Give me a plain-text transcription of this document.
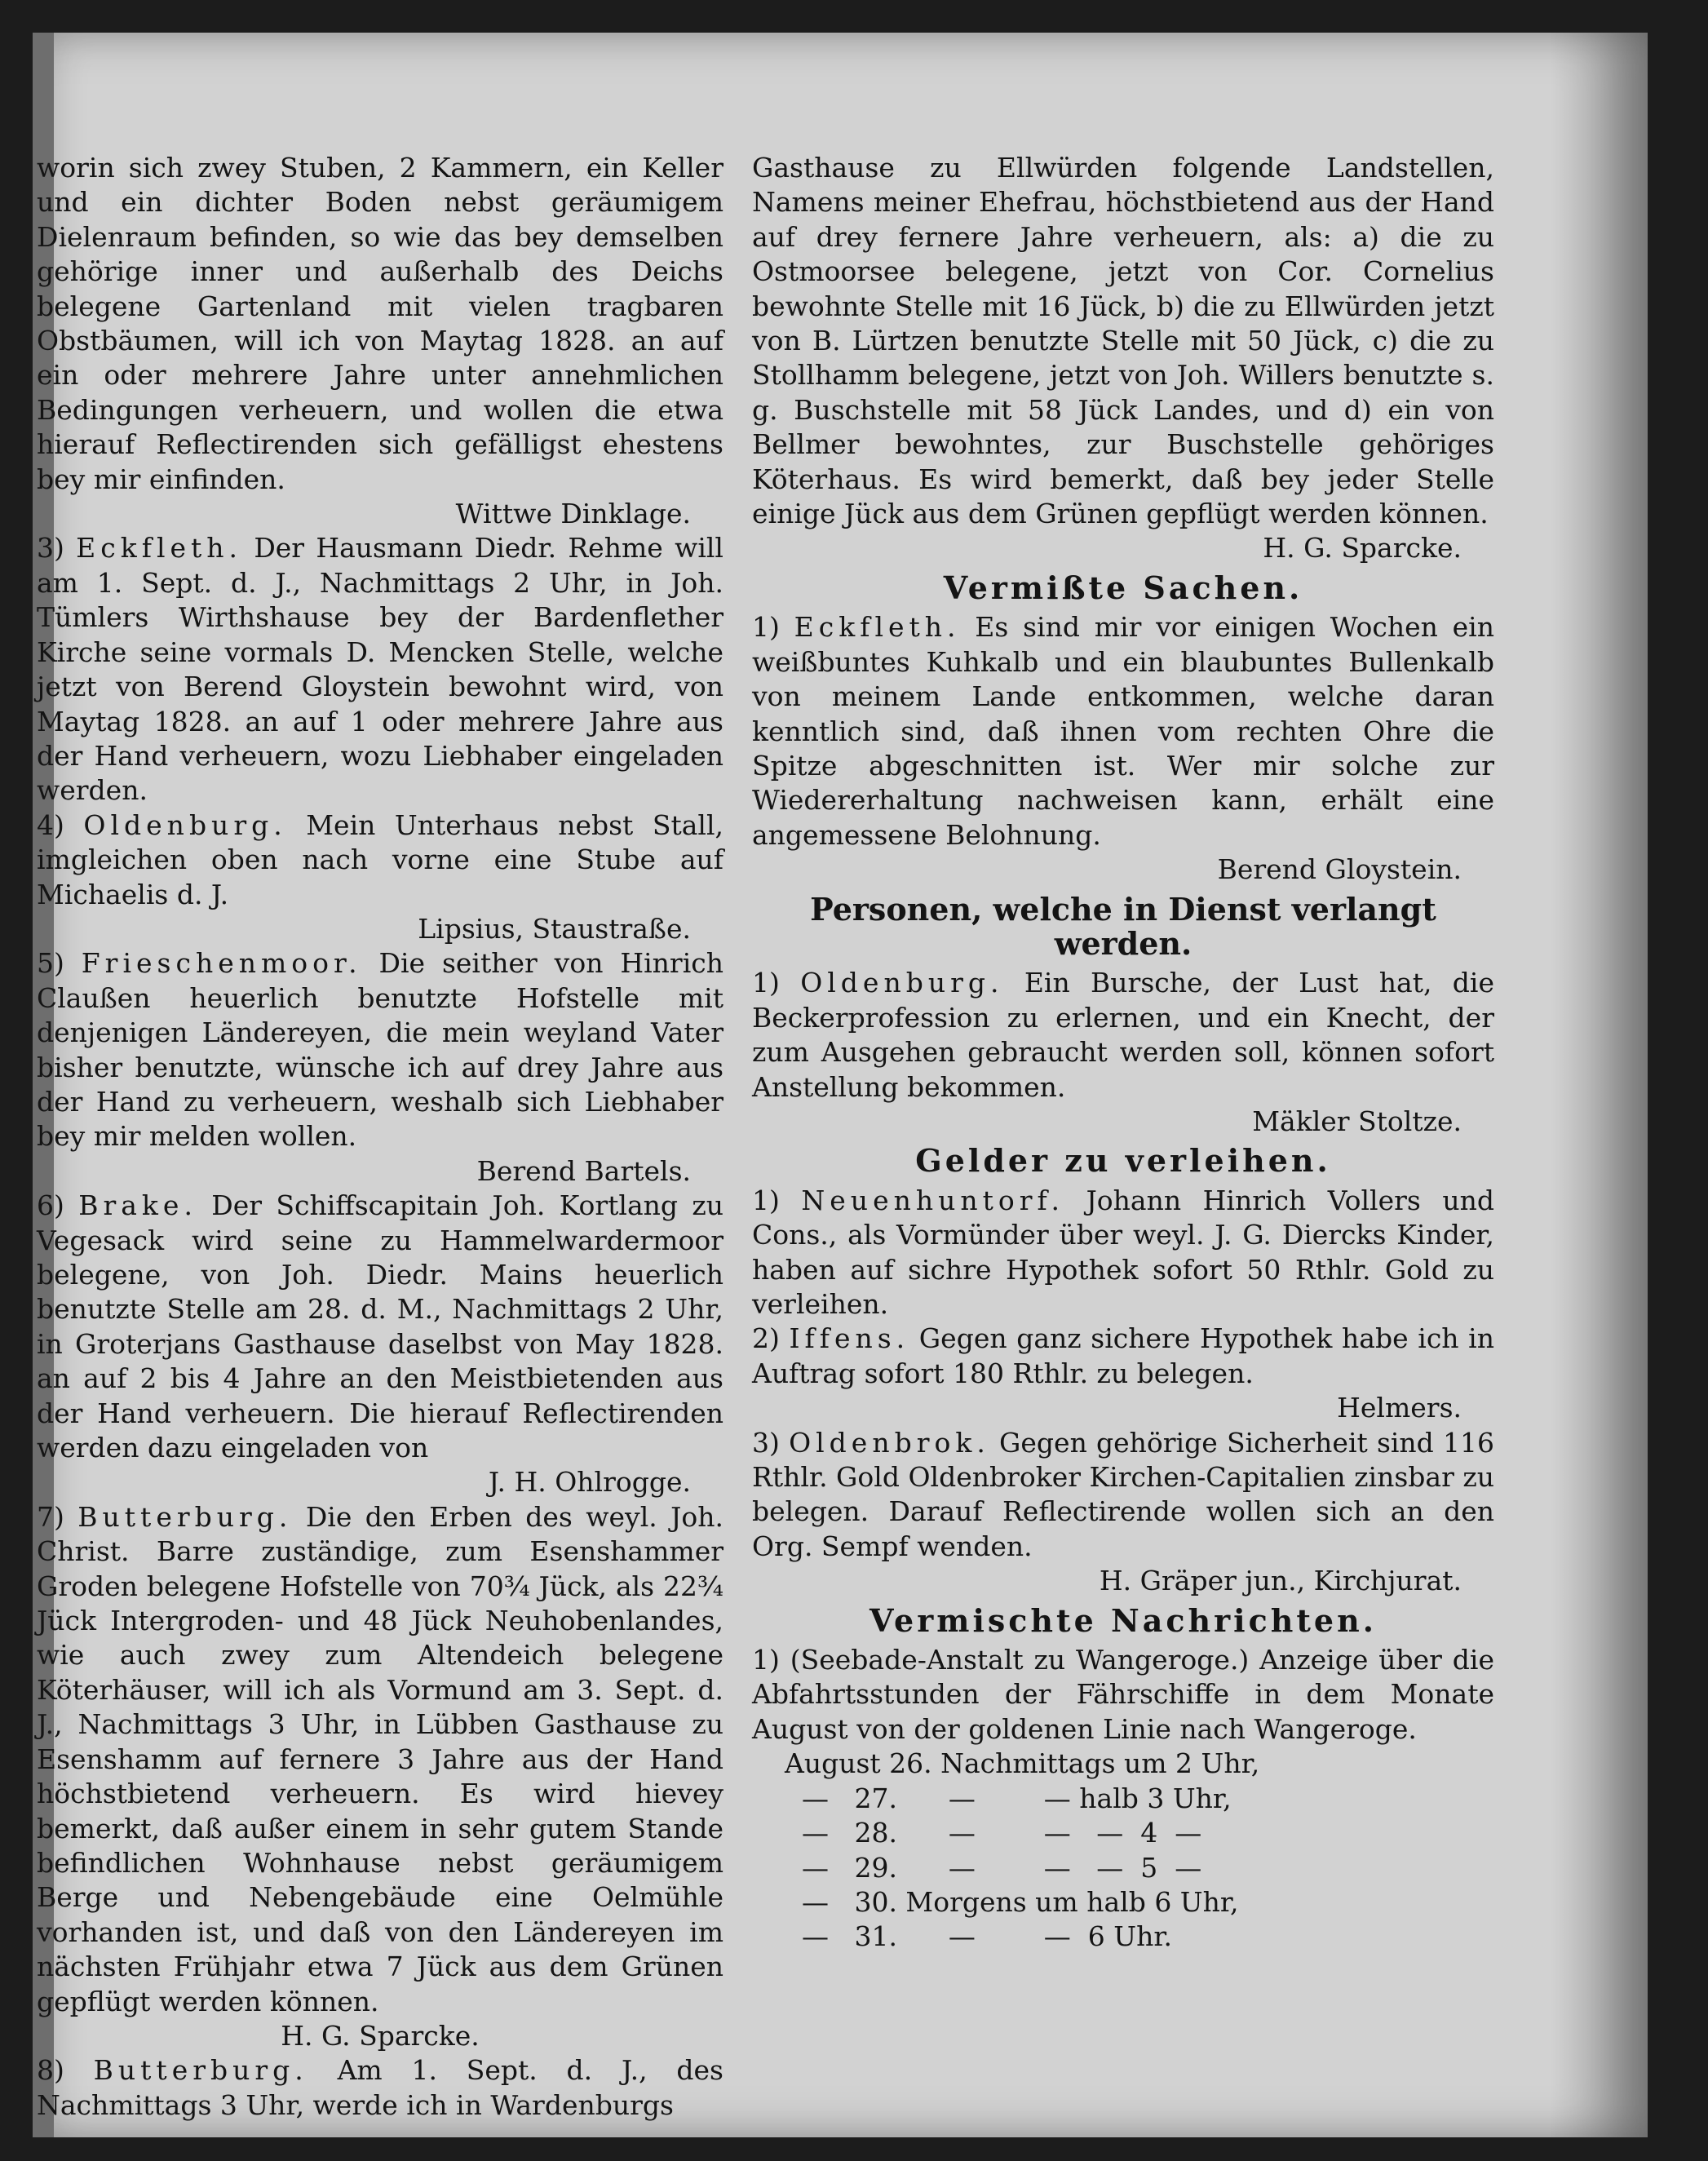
worin sich zwey Stuben, 2 Kammern, ein Keller und ein dichter Boden nebst geräumigem Dielenraum befinden, so wie das bey demselben gehörige inner und außerhalb des Deichs belegene Gartenland mit vielen tragbaren Obstbäumen, will ich von Maytag 1828. an auf ein oder mehrere Jahre unter annehmlichen Bedingungen verheuern, und wollen die etwa hierauf Reflectirenden sich gefälligst ehestens bey mir einfinden.

Wittwe Dinklage.

3) Eckfleth. Der Hausmann Diedr. Rehme will am 1. Sept. d. J., Nachmittags 2 Uhr, in Joh. Tümlers Wirthshause bey der Bardenflether Kirche seine vormals D. Mencken Stelle, welche jetzt von Berend Gloystein bewohnt wird, von Maytag 1828. an auf 1 oder mehrere Jahre aus der Hand verheuern, wozu Liebhaber eingeladen werden.

4) Oldenburg. Mein Unterhaus nebst Stall, imgleichen oben nach vorne eine Stube auf Michaelis d. J.

Lipsius, Staustraße.

5) Frieschenmoor. Die seither von Hinrich Claußen heuerlich benutzte Hofstelle mit denjenigen Ländereyen, die mein weyland Vater bisher benutzte, wünsche ich auf drey Jahre aus der Hand zu verheuern, weshalb sich Liebhaber bey mir melden wollen.

Berend Bartels.

6) Brake. Der Schiffscapitain Joh. Kortlang zu Vegesack wird seine zu Hammelwardermoor belegene, von Joh. Diedr. Mains heuerlich benutzte Stelle am 28. d. M., Nachmittags 2 Uhr, in Groterjans Gasthause daselbst von May 1828. an auf 2 bis 4 Jahre an den Meistbietenden aus der Hand verheuern. Die hierauf Reflectirenden werden dazu eingeladen von

J. H. Ohlrogge.

7) Butterburg. Die den Erben des weyl. Joh. Christ. Barre zuständige, zum Esenshammer Groden belegene Hofstelle von 70¾ Jück, als 22¾ Jück Intergroden- und 48 Jück Neuhobenlandes, wie auch zwey zum Altendeich belegene Köterhäuser, will ich als Vormund am 3. Sept. d. J., Nachmittags 3 Uhr, in Lübben Gasthause zu Esenshamm auf fernere 3 Jahre aus der Hand höchstbietend verheuern. Es wird hievey bemerkt, daß außer einem in sehr gutem Stande befindlichen Wohnhause nebst geräumigem Berge und Nebengebäude eine Oelmühle vorhanden ist, und daß von den Ländereyen im nächsten Frühjahr etwa 7 Jück aus dem Grünen gepflügt werden können.

H. G. Sparcke.

8) Butterburg. Am 1. Sept. d. J., des Nachmittags 3 Uhr, werde ich in Wardenburgs

Gasthause zu Ellwürden folgende Landstellen, Namens meiner Ehefrau, höchstbietend aus der Hand auf drey fernere Jahre verheuern, als: a) die zu Ostmoorsee belegene, jetzt von Cor. Cornelius bewohnte Stelle mit 16 Jück, b) die zu Ellwürden jetzt von B. Lürtzen benutzte Stelle mit 50 Jück, c) die zu Stollhamm belegene, jetzt von Joh. Willers benutzte s. g. Buschstelle mit 58 Jück Landes, und d) ein von Bellmer bewohntes, zur Buschstelle gehöriges Köterhaus. Es wird bemerkt, daß bey jeder Stelle einige Jück aus dem Grünen gepflügt werden können.

H. G. Sparcke.

Vermißte Sachen.

1) Eckfleth. Es sind mir vor einigen Wochen ein weißbuntes Kuhkalb und ein blaubuntes Bullenkalb von meinem Lande entkommen, welche daran kenntlich sind, daß ihnen vom rechten Ohre die Spitze abgeschnitten ist. Wer mir solche zur Wiedererhaltung nachweisen kann, erhält eine angemessene Belohnung.

Berend Gloystein.

Personen, welche in Dienst verlangt werden.

1) Oldenburg. Ein Bursche, der Lust hat, die Beckerprofession zu erlernen, und ein Knecht, der zum Ausgehen gebraucht werden soll, können sofort Anstellung bekommen.

Mäkler Stoltze.

Gelder zu verleihen.

1) Neuenhuntorf. Johann Hinrich Vollers und Cons., als Vormünder über weyl. J. G. Diercks Kinder, haben auf sichre Hypothek sofort 50 Rthlr. Gold zu verleihen.

2) Iffens. Gegen ganz sichere Hypothek habe ich in Auftrag sofort 180 Rthlr. zu belegen.

Helmers.

3) Oldenbrok. Gegen gehörige Sicherheit sind 116 Rthlr. Gold Oldenbroker Kirchen-Capitalien zinsbar zu belegen. Darauf Reflectirende wollen sich an den Org. Sempf wenden.

H. Gräper jun., Kirchjurat.

Vermischte Nachrichten.

1) (Seebade-Anstalt zu Wangeroge.) Anzeige über die Abfahrtsstunden der Fährschiffe in dem Monate August von der goldenen Linie nach Wangeroge.

August 26. Nachmittags um 2 Uhr,
—   27.      —        — halb 3 Uhr,
—   28.      —        —   —  4  —
—   29.      —        —   —  5  —
—   30. Morgens um halb 6 Uhr,
—   31.      —        —  6 Uhr.
